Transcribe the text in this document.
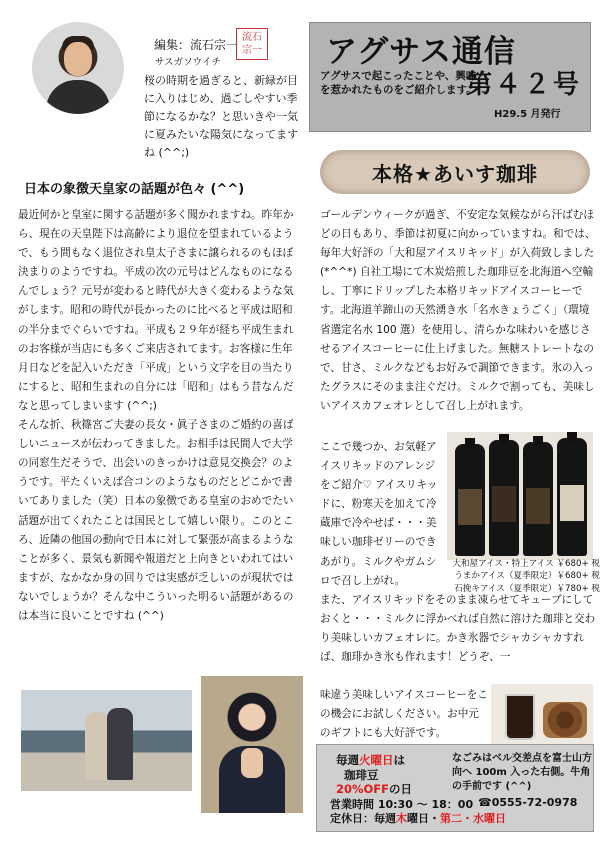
編集：流石宗一
サスガソウイチ
流石 宗一
桜の時期を過ぎると、新緑が目に入りはじめ、過ごしやすい季節になるかな？と思いきや一気に夏みたいな陽気になってますね (^^;)
アグサス通信
アグサスで起こったことや、興味を惹かれたものをご紹介します。
第４２号
H29.5 月発行
日本の象徴天皇家の話題が色々 (^^)

最近何かと皇室に関する話題が多く聞かれますね。昨年から、現在の天皇陛下は高齢により退位を望まれているようで、もう間もなく退位され皇太子さまに譲られるのもほぼ決まりのようですね。平成の次の元号はどんなものになるんでしょう？元号が変わると時代が大きく変わるような気がします。昭和の時代が長かったのに比べると平成は昭和の半分までぐらいですね。平成も２９年が経ち平成生まれのお客様が当店にも多くご来店されてます。お客様に生年月日などを記入いただき「平成」という文字を目の当たりにすると、昭和生まれの自分には「昭和」はもう昔なんだなと思ってしまいます (^^;)

そんな折、秋篠宮ご夫妻の長女・眞子さまのご婚約の喜ばしいニュースが伝わってきました。お相手は民間人で大学の同窓生だそうで、出会いのきっかけは意見交換会？のようです。平たくいえば合コンのようなものだとどこかで書いてありました（笑）日本の象徴である皇室のおめでたい話題が出てくれたことは国民として嬉しい限り。このところ、近隣の他国の動向で日本に対して緊張が高まるようなことが多く、景気も新聞や報道だと上向きといわれてはいますが、なかなか身の回りでは実感が乏しいのが現状ではないでしょうか？そんな中こういった明るい話題があるのは本当に良いことですね (^^)

本格★あいす珈琲
ゴールデンウィークが過ぎ、不安定な気候ながら汗ばむほどの日もあり、季節は初夏に向かっていますね。和では、毎年大好評の「大和屋アイスリキッド」が入荷致しました (*^^*) 自社工場にて木炭焙煎した珈琲豆を北海道へ空輸し、丁寧にドリップした本格リキッドアイスコーヒーです。北海道羊蹄山の天然湧き水「名水きょうごく」（環境省選定名水 100 選）を使用し、清らかな味わいを感じさせるアイスコーヒーに仕上げました。無糖ストレートなので、甘さ、ミルクなどもお好みで調節できます。氷の入ったグラスにそのまま注ぐだけ。ミルクで割っても、美味しいアイスカフェオレとして召し上がれます。
ここで幾つか、お気軽アイスリキッドのアレンジをご紹介♡ アイスリキッドに、粉寒天を加えて冷蔵庫で冷やせば・・・美味しい珈琲ゼリーのできあがり。ミルクやガムシロで召し上がれ。
大和屋アイス・特上アイス ￥680+ 税
うまかアイス（夏季限定）￥680+ 税
石挽キアイス（夏季限定）￥780+ 税
また、アイスリキッドをそのまま凍らせてキューブにしておくと・・・ミルクに浮かべれば自然に溶けた珈琲と交わり美味しいカフェオレに。かき氷器でシャカシャカすれば、珈琲かき氷も作れます！どうぞ、一
味違う美味しいアイスコーヒーをこの機会にお試しください。お中元のギフトにも大好評です。
毎週火曜日は
珈琲豆
20%OFFの日
なごみはベル交差点を富士山方向へ 100m 入った右側。牛角の手前です (^^)
営業時間 10:30 ～ 18：00 ☎0555-72-0978
定休日：毎週木曜日・第二・水曜日
